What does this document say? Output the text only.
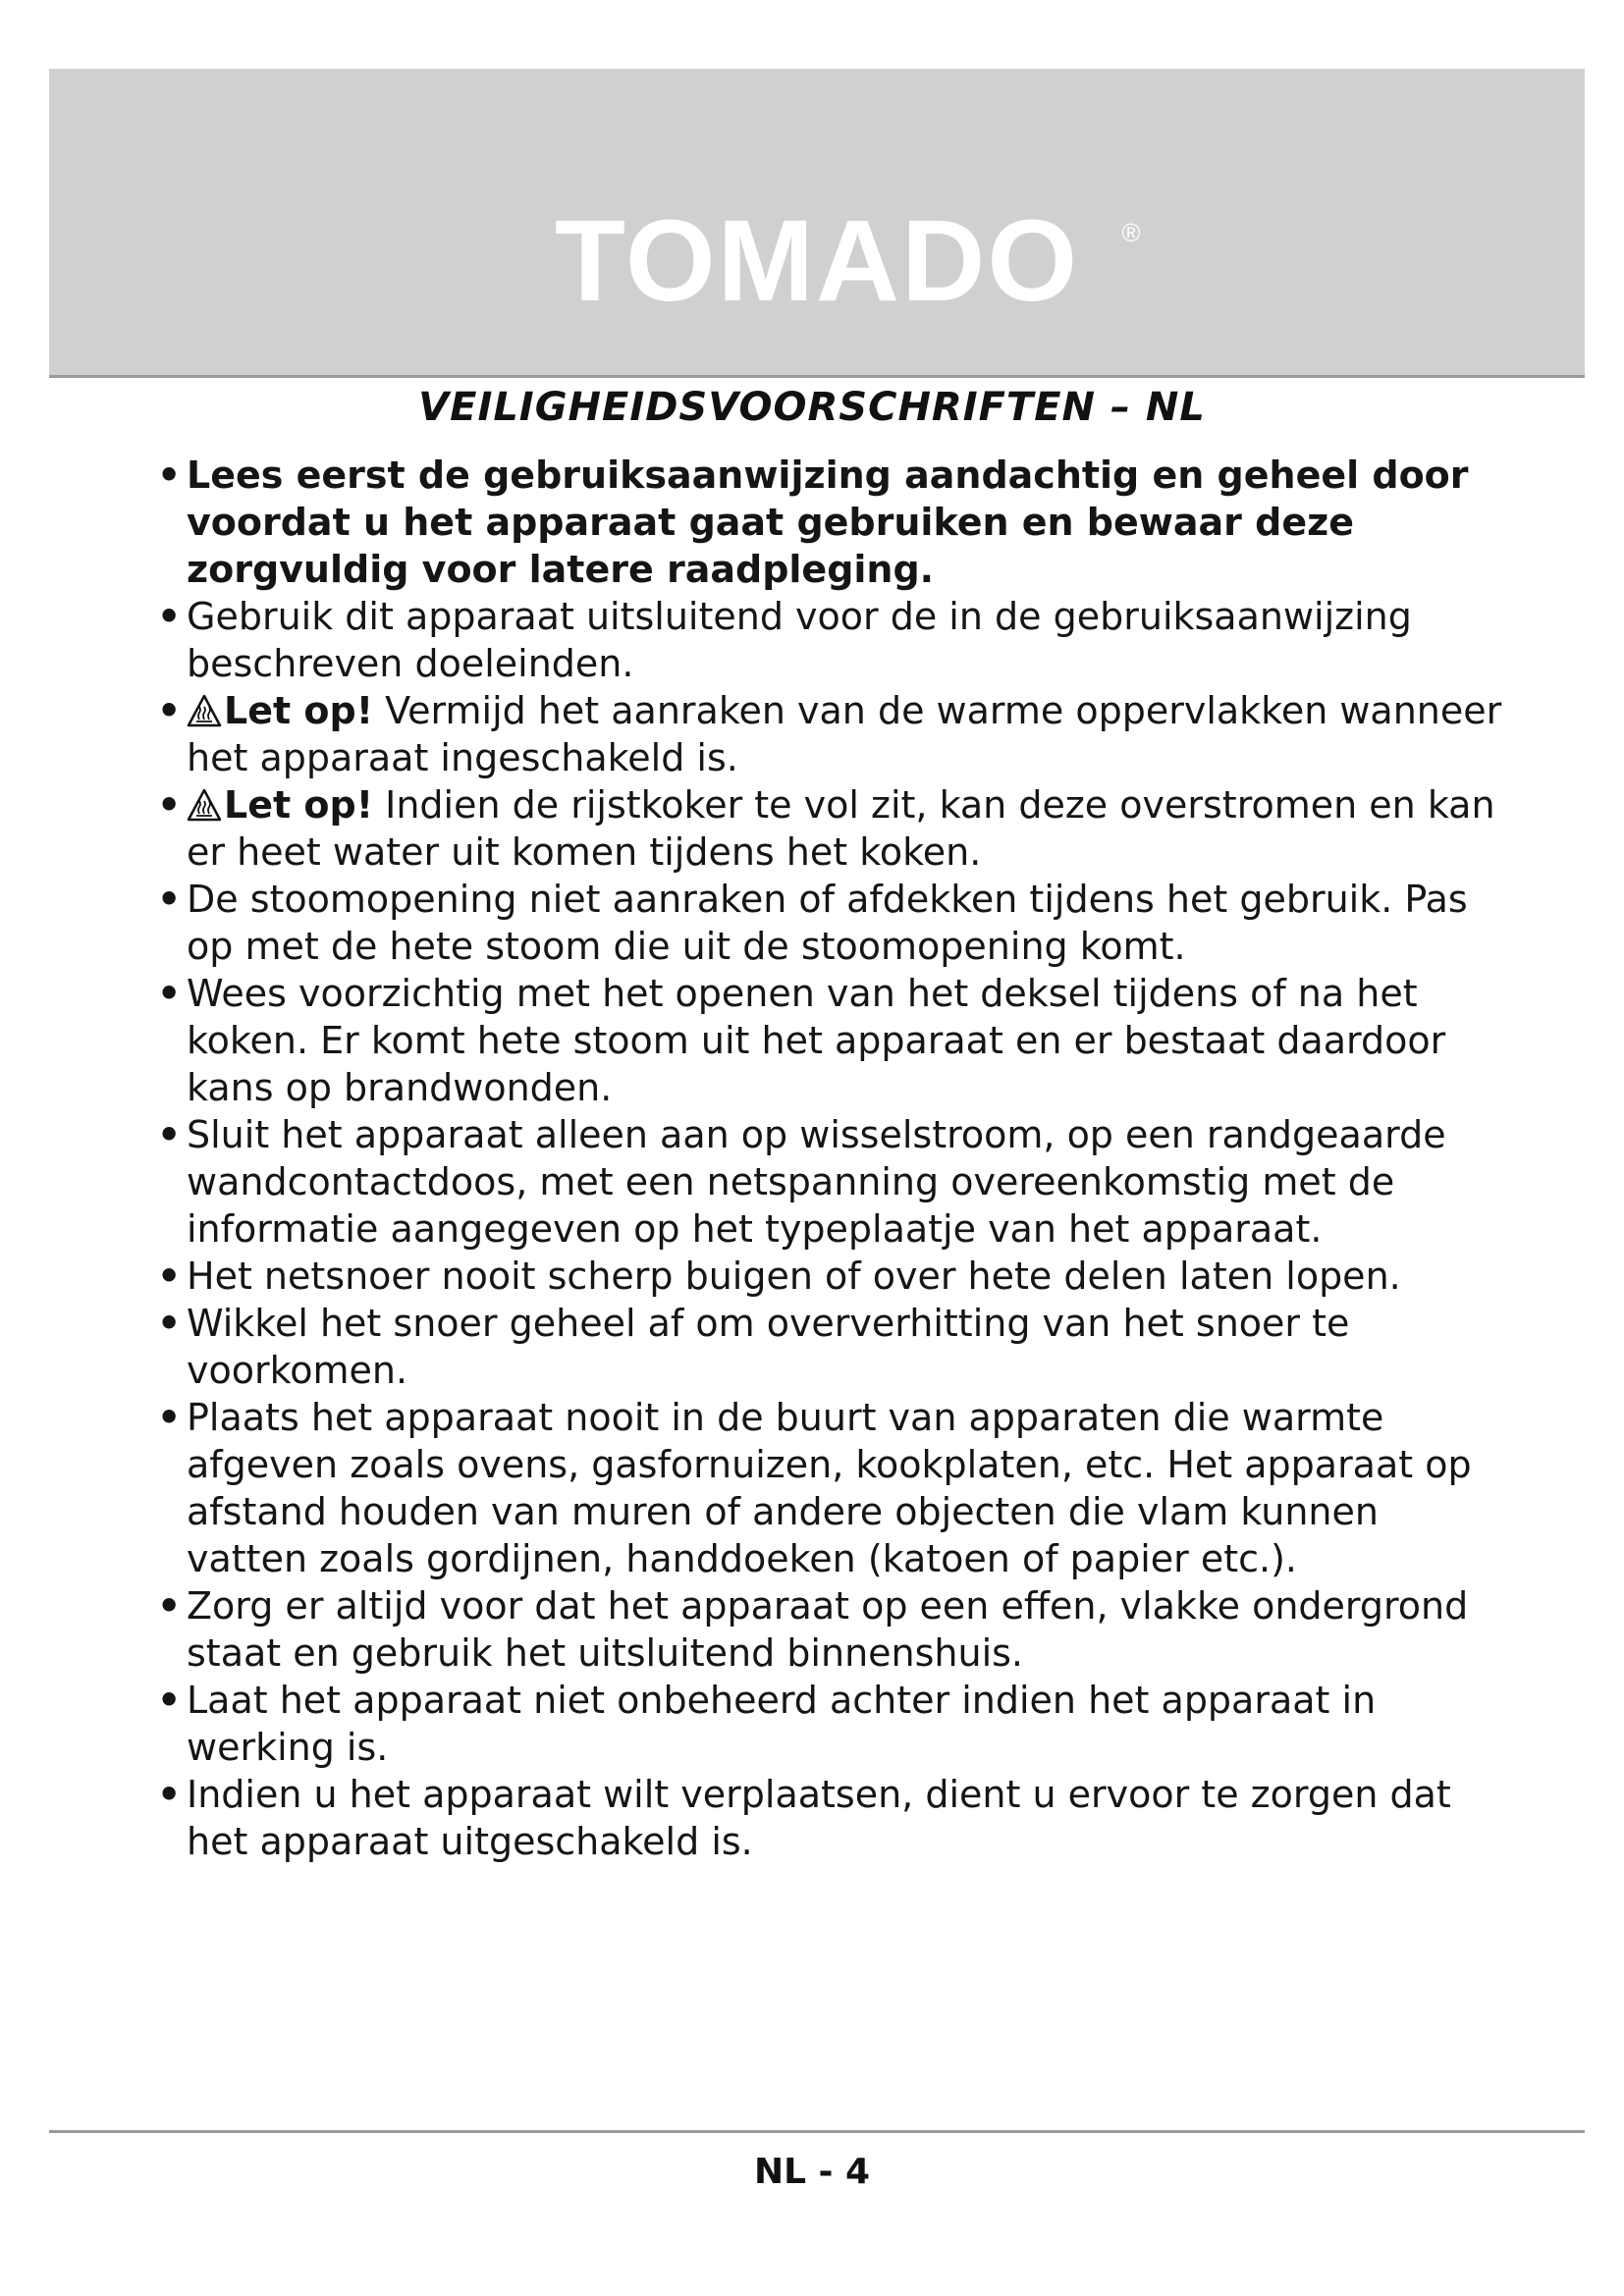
TOMADO ®
VEILIGHEIDSVOORSCHRIFTEN – NL
• Lees eerst de gebruiksaanwijzing aandachtig en geheel door voordat u het apparaat gaat gebruiken en bewaar deze zorgvuldig voor latere raadpleging.
• Gebruik dit apparaat uitsluitend voor de in de gebruiksaanwijzing beschreven doeleinden.
• Let op! Vermijd het aanraken van de warme oppervlakken wanneer het apparaat ingeschakeld is.
• Let op! Indien de rijstkoker te vol zit, kan deze overstromen en kan er heet water uit komen tijdens het koken.
• De stoomopening niet aanraken of afdekken tijdens het gebruik. Pas op met de hete stoom die uit de stoomopening komt.
• Wees voorzichtig met het openen van het deksel tijdens of na het koken. Er komt hete stoom uit het apparaat en er bestaat daardoor kans op brandwonden.
• Sluit het apparaat alleen aan op wisselstroom, op een randgeaarde wandcontactdoos, met een netspanning overeenkomstig met de informatie aangegeven op het typeplaatje van het apparaat.
• Het netsnoer nooit scherp buigen of over hete delen laten lopen.
• Wikkel het snoer geheel af om oververhitting van het snoer te voorkomen.
• Plaats het apparaat nooit in de buurt van apparaten die warmte afgeven zoals ovens, gasfornuizen, kookplaten, etc. Het apparaat op afstand houden van muren of andere objecten die vlam kunnen vatten zoals gordijnen, handdoeken (katoen of papier etc.).
• Zorg er altijd voor dat het apparaat op een effen, vlakke ondergrond staat en gebruik het uitsluitend binnenshuis.
• Laat het apparaat niet onbeheerd achter indien het apparaat in werking is.
• Indien u het apparaat wilt verplaatsen, dient u ervoor te zorgen dat het apparaat uitgeschakeld is.
NL - 4
